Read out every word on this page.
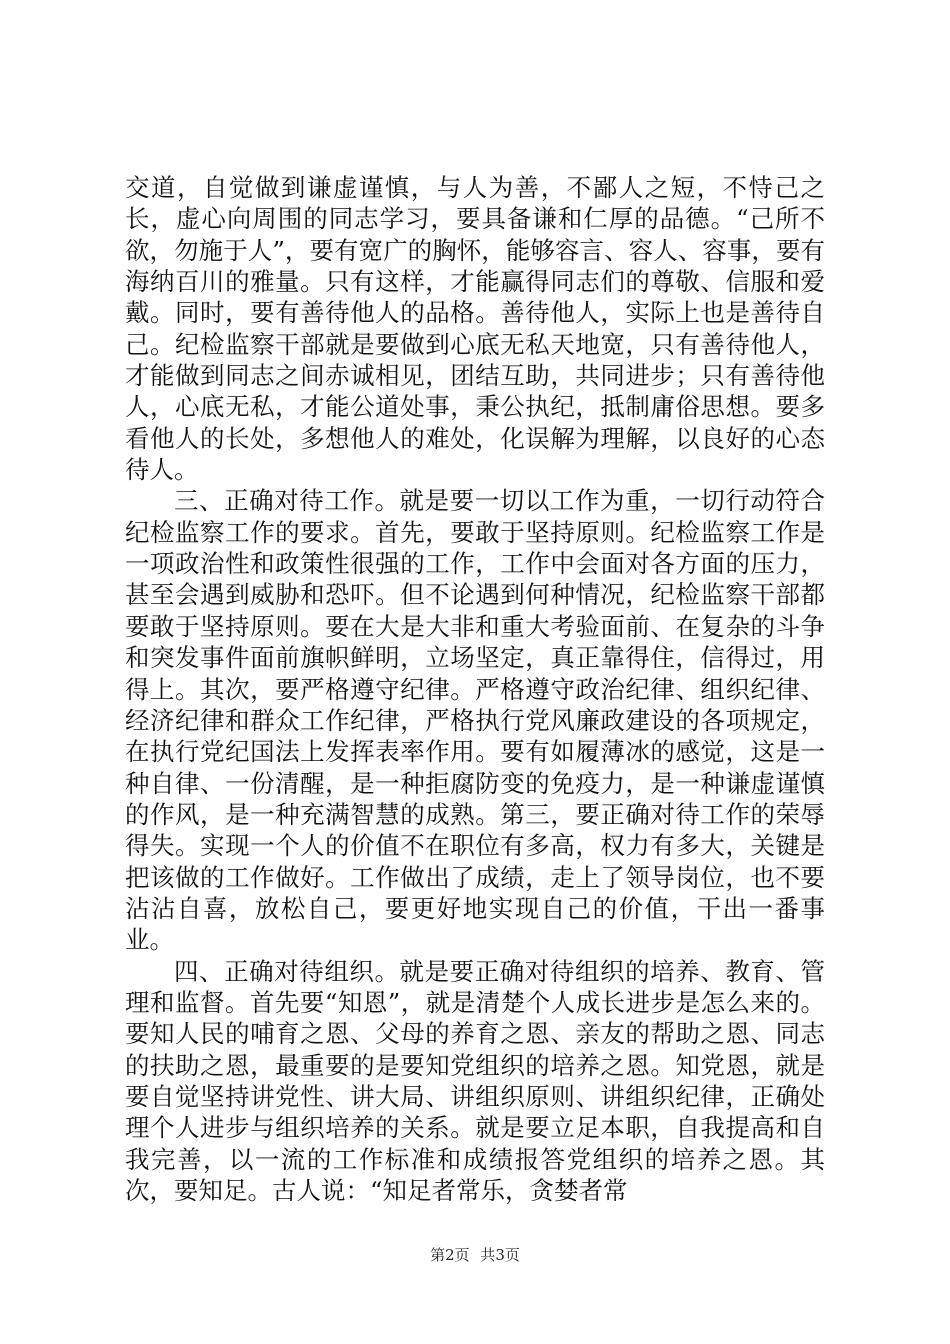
交道，自觉做到谦虚谨慎，与人为善，不鄙人之短，不恃己之长，虚心向周围的同志学习，要具备谦和仁厚的品德。“己所不欲，勿施于人”，要有宽广的胸怀，能够容言、容人、容事，要有海纳百川的雅量。只有这样，才能赢得同志们的尊敬、信服和爱戴。同时，要有善待他人的品格。善待他人，实际上也是善待自己。纪检监察干部就是要做到心底无私天地宽，只有善待他人，才能做到同志之间赤诚相见，团结互助，共同进步；只有善待他人，心底无私，才能公道处事，秉公执纪，抵制庸俗思想。要多看他人的长处，多想他人的难处，化误解为理解，以良好的心态待人。

三、正确对待工作。就是要一切以工作为重，一切行动符合纪检监察工作的要求。首先，要敢于坚持原则。纪检监察工作是一项政治性和政策性很强的工作，工作中会面对各方面的压力，甚至会遇到威胁和恐吓。但不论遇到何种情况，纪检监察干部都要敢于坚持原则。要在大是大非和重大考验面前、在复杂的斗争和突发事件面前旗帜鲜明，立场坚定，真正靠得住，信得过，用得上。其次，要严格遵守纪律。严格遵守政治纪律、组织纪律、经济纪律和群众工作纪律，严格执行党风廉政建设的各项规定，在执行党纪国法上发挥表率作用。要有如履薄冰的感觉，这是一种自律、一份清醒，是一种拒腐防变的免疫力，是一种谦虚谨慎的作风，是一种充满智慧的成熟。第三，要正确对待工作的荣辱得失。实现一个人的价值不在职位有多高，权力有多大，关键是把该做的工作做好。工作做出了成绩，走上了领导岗位，也不要沾沾自喜，放松自己，要更好地实现自己的价值，干出一番事业。

四、正确对待组织。就是要正确对待组织的培养、教育、管理和监督。首先要“知恩”，就是清楚个人成长进步是怎么来的。要知人民的哺育之恩、父母的养育之恩、亲友的帮助之恩、同志的扶助之恩，最重要的是要知党组织的培养之恩。知党恩，就是要自觉坚持讲党性、讲大局、讲组织原则、讲组织纪律，正确处理个人进步与组织培养的关系。就是要立足本职，自我提高和自我完善，以一流的工作标准和成绩报答党组织的培养之恩。其次，要知足。古人说：“知足者常乐，贪婪者常

第2页 共3页
